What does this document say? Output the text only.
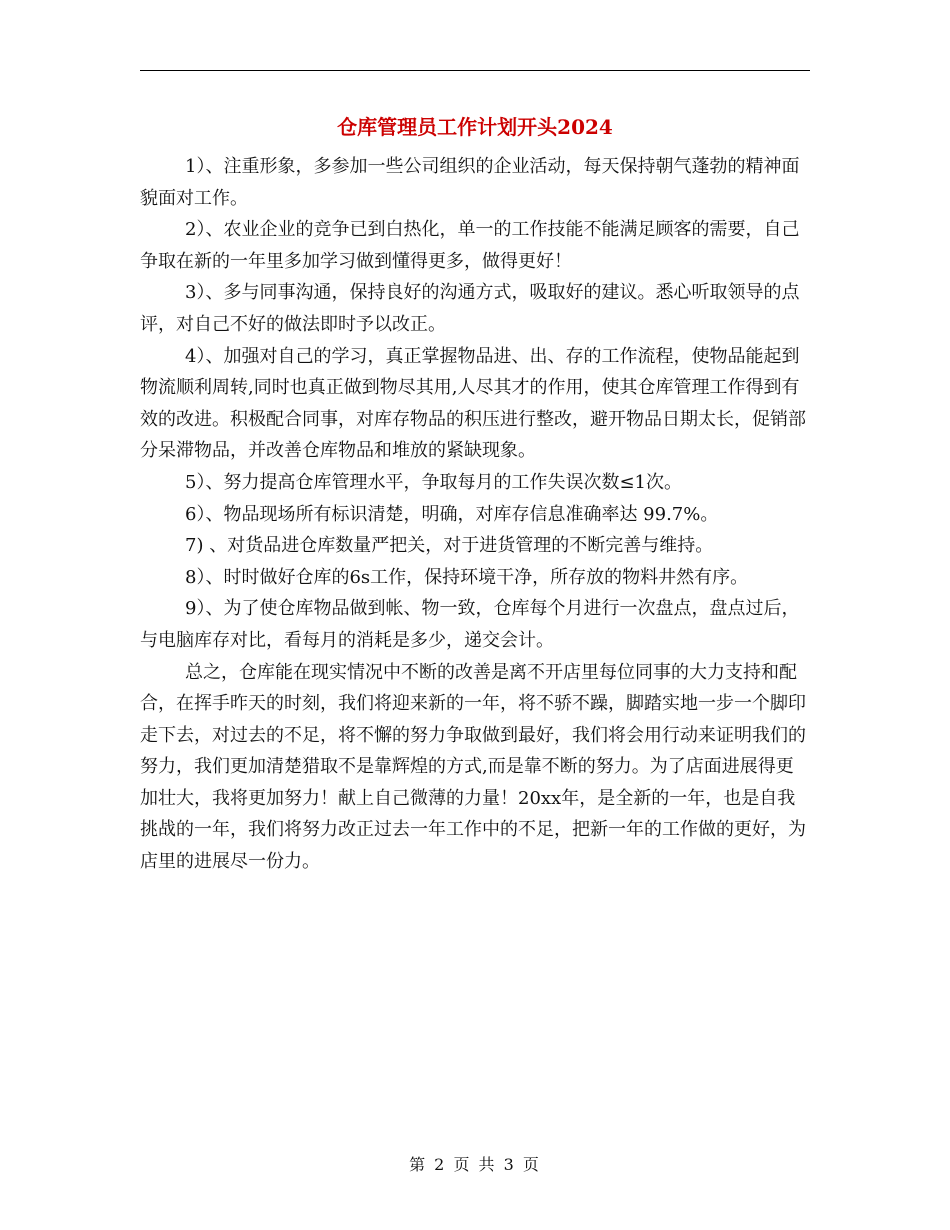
仓库管理员工作计划开头2024

1）、注重形象，多参加一些公司组织的企业活动，每天保持朝气蓬勃的精神面貌面对工作。

2）、农业企业的竞争已到白热化，单一的工作技能不能满足顾客的需要，自己争取在新的一年里多加学习做到懂得更多，做得更好！

3）、多与同事沟通，保持良好的沟通方式，吸取好的建议。悉心听取领导的点评，对自己不好的做法即时予以改正。

4）、加强对自己的学习，真正掌握物品进、出、存的工作流程，使物品能起到物流顺利周转,同时也真正做到物尽其用,人尽其才的作用，使其仓库管理工作得到有效的改进。积极配合同事，对库存物品的积压进行整改，避开物品日期太长，促销部分呆滞物品，并改善仓库物品和堆放的紧缺现象。

5）、努力提高仓库管理水平，争取每月的工作失误次数≤1次。

6）、物品现场所有标识清楚，明确，对库存信息准确率达 99.7%。

7) 、对货品进仓库数量严把关，对于进货管理的不断完善与维持。

8）、时时做好仓库的6s工作，保持环境干净，所存放的物料井然有序。

9）、为了使仓库物品做到帐、物一致，仓库每个月进行一次盘点，盘点过后，与电脑库存对比，看每月的消耗是多少，递交会计。

总之，仓库能在现实情况中不断的改善是离不开店里每位同事的大力支持和配合，在挥手昨天的时刻，我们将迎来新的一年，将不骄不躁，脚踏实地一步一个脚印走下去，对过去的不足，将不懈的努力争取做到最好，我们将会用行动来证明我们的努力，我们更加清楚猎取不是靠辉煌的方式,而是靠不断的努力。为了店面进展得更加壮大，我将更加努力！献上自己微薄的力量！20xx年，是全新的一年，也是自我挑战的一年，我们将努力改正过去一年工作中的不足，把新一年的工作做的更好，为店里的进展尽一份力。

第 2 页 共 3 页
